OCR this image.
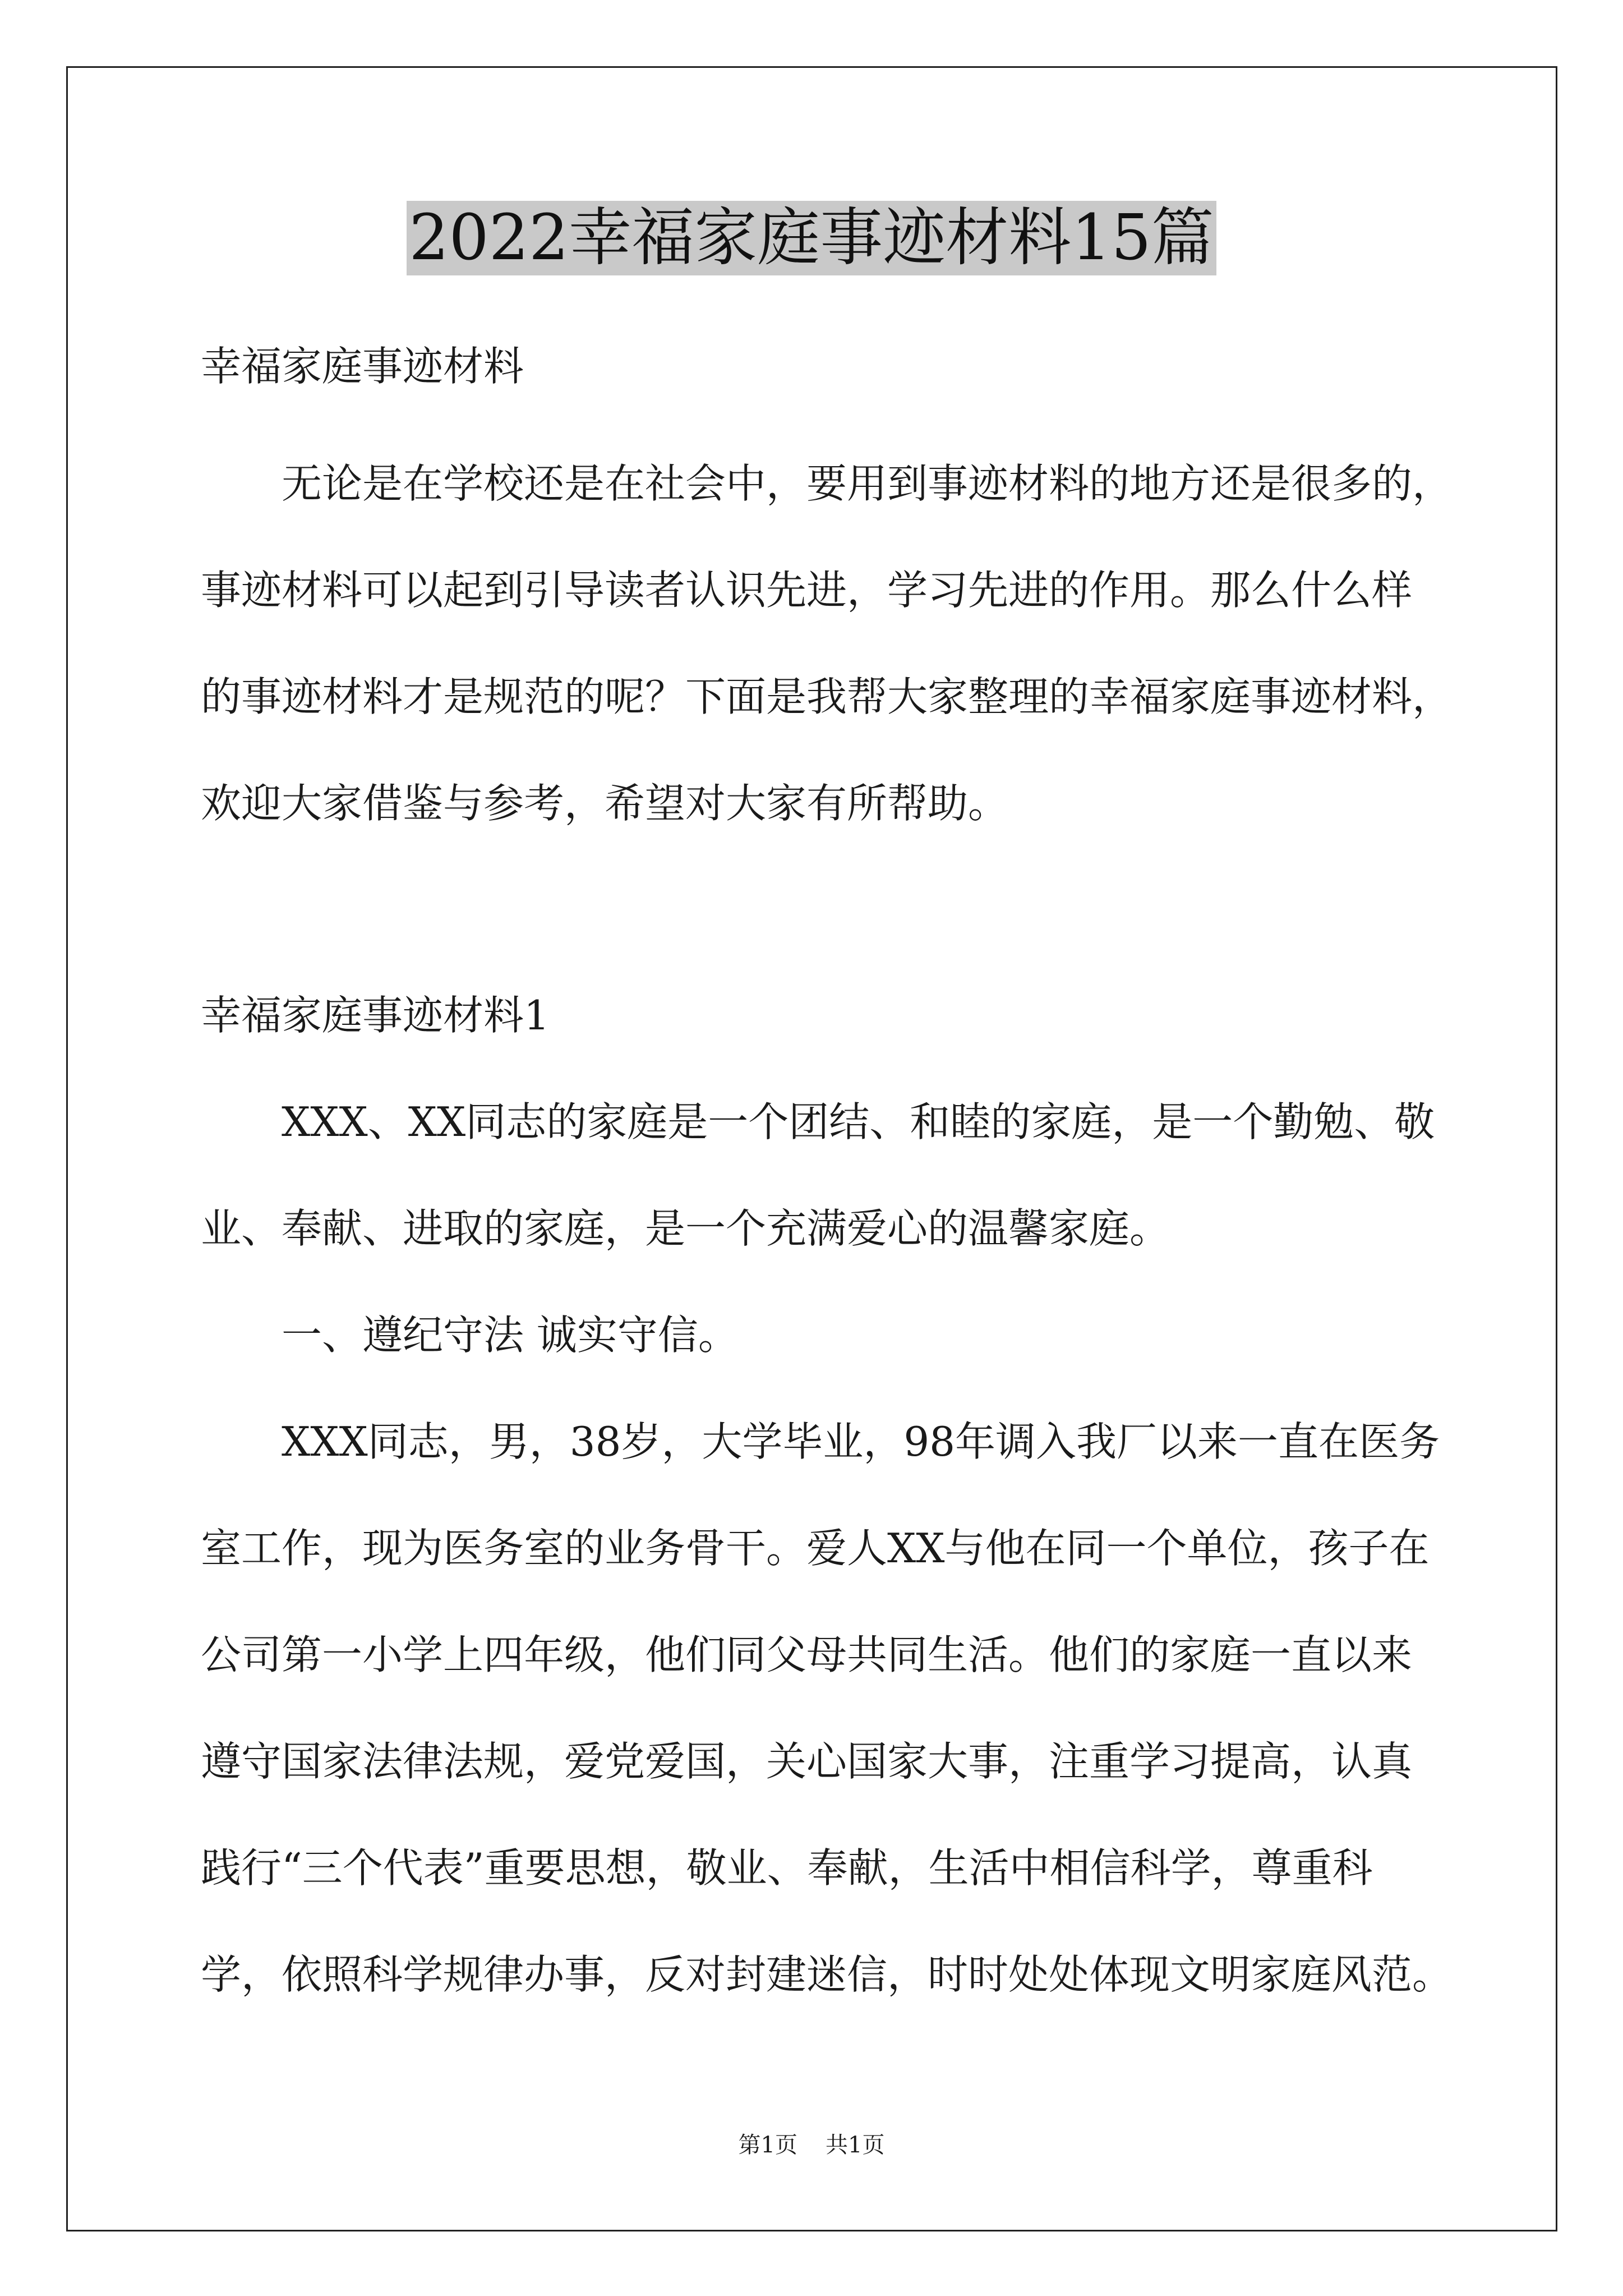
2022幸福家庭事迹材料15篇
幸福家庭事迹材料
无论是在学校还是在社会中，要用到事迹材料的地方还是很多的，
事迹材料可以起到引导读者认识先进，学习先进的作用。那么什么样
的事迹材料才是规范的呢？下面是我帮大家整理的幸福家庭事迹材料，
欢迎大家借鉴与参考，希望对大家有所帮助。
幸福家庭事迹材料1
XXX、XX同志的家庭是一个团结、和睦的家庭，是一个勤勉、敬
业、奉献、进取的家庭，是一个充满爱心的温馨家庭。
一、遵纪守法 诚实守信。
XXX同志，男，38岁，大学毕业，98年调入我厂以来一直在医务
室工作，现为医务室的业务骨干。爱人XX与他在同一个单位，孩子在
公司第一小学上四年级，他们同父母共同生活。他们的家庭一直以来
遵守国家法律法规，爱党爱国，关心国家大事，注重学习提高，认真
践行“三个代表”重要思想，敬业、奉献，生活中相信科学，尊重科
学，依照科学规律办事，反对封建迷信，时时处处体现文明家庭风范。
第1页 共1页
